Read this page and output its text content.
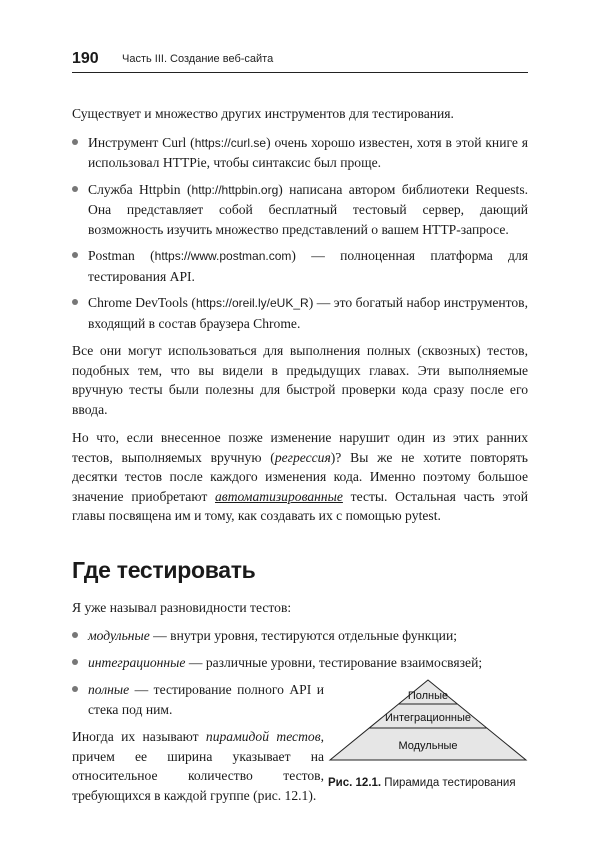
190 Часть III. Создание веб-сайта

Существует и множество других инструментов для тестирования.

Инструмент Curl (https://curl.se) очень хорошо известен, хотя в этой книге я использовал HTTPie, чтобы синтаксис был проще.
Служба Httpbin (http://httpbin.org) написана автором библиотеки Requests. Она представляет собой бесплатный тестовый сервер, дающий возможность изучить множество представлений о вашем HTTP-запросе.
Postman (https://www.postman.com) — полноценная платформа для тестирования API.
Chrome DevTools (https://oreil.ly/eUK_R) — это богатый набор инструментов, входящий в состав браузера Chrome.

Все они могут использоваться для выполнения полных (сквозных) тестов, подобных тем, что вы видели в предыдущих главах. Эти выполняемые вручную тесты были полезны для быстрой проверки кода сразу после его ввода.

Но что, если внесенное позже изменение нарушит один из этих ранних тестов, выполняемых вручную (регрессия)? Вы же не хотите повторять десятки тестов после каждого изменения кода. Именно поэтому большое значение приобретают автоматизированные тесты. Остальная часть этой главы посвящена им и тому, как создавать их с помощью pytest.

Где тестировать

Я уже называл разновидности тестов:

модульные — внутри уровня, тестируются отдельные функции;
интеграционные — различные уровни, тестирование взаимосвязей;
полные — тестирование полного API и стека под ним.

Иногда их называют пирамидой тестов, причем ее ширина указывает на относительное количество тестов, требующихся в каждой группе (рис. 12.1).

Полные
Интеграционные
Модульные
Рис. 12.1. Пирамида тестирования
